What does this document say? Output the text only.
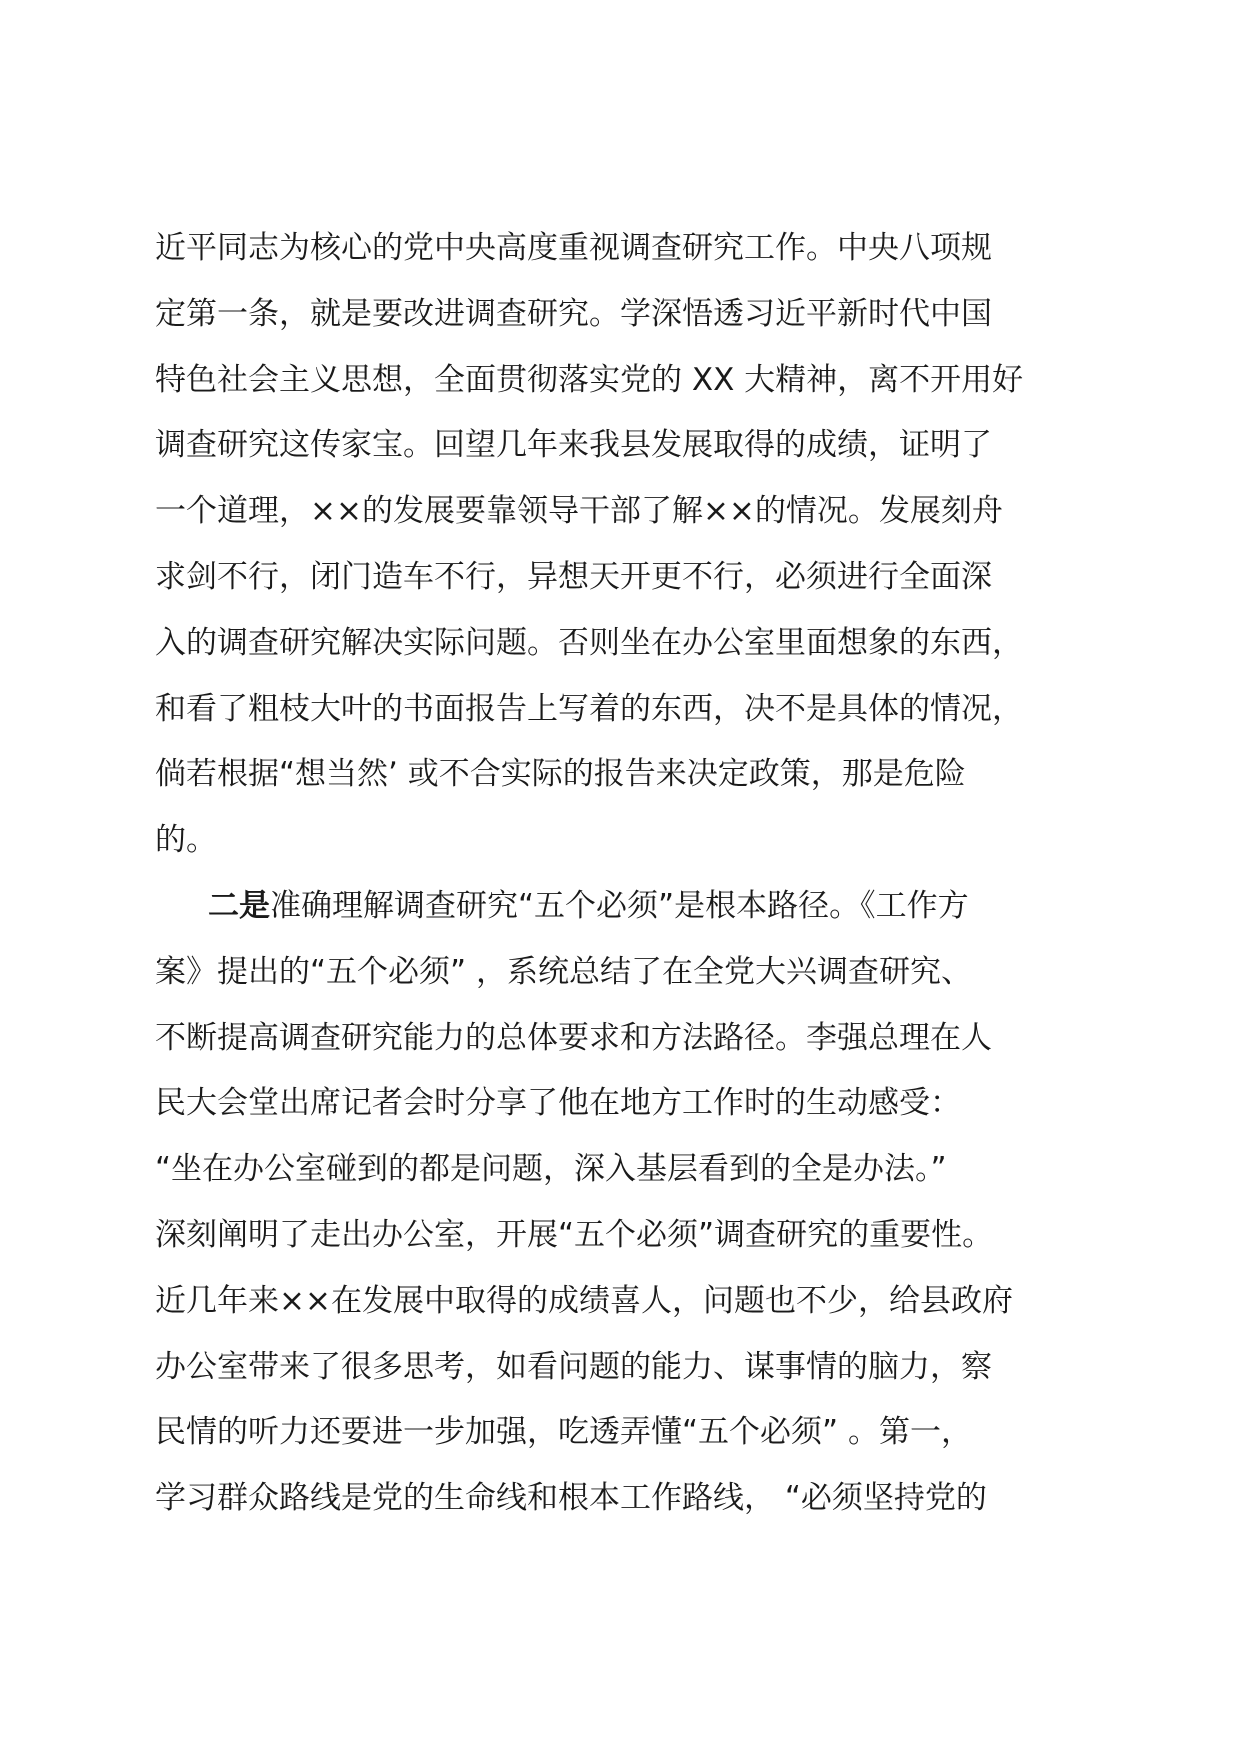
近平同志为核心的党中央高度重视调查研究工作。中央八项规
定第一条，就是要改进调查研究。学深悟透习近平新时代中国
特色社会主义思想，全面贯彻落实党的 XX 大精神，离不开用好
调查研究这传家宝。回望几年来我县发展取得的成绩，证明了
一个道理，××的发展要靠领导干部了解××的情况。发展刻舟
求剑不行，闭门造车不行，异想天开更不行，必须进行全面深
入的调查研究解决实际问题。否则坐在办公室里面想象的东西，
和看了粗枝大叶的书面报告上写着的东西，决不是具体的情况，
倘若根据“想当然’ 或不合实际的报告来决定政策，那是危险
的。
二是准确理解调查研究“五个必须”是根本路径。《工作方
案》提出的“五个必须” ，系统总结了在全党大兴调查研究、
不断提高调查研究能力的总体要求和方法路径。李强总理在人
民大会堂出席记者会时分享了他在地方工作时的生动感受：
“坐在办公室碰到的都是问题，深入基层看到的全是办法。”
深刻阐明了走出办公室，开展“五个必须”调查研究的重要性。
近几年来××在发展中取得的成绩喜人，问题也不少，给县政府
办公室带来了很多思考，如看问题的能力、谋事情的脑力，察
民情的听力还要进一步加强，吃透弄懂“五个必须” 。第一，
学习群众路线是党的生命线和根本工作路线， “必须坚持党的
